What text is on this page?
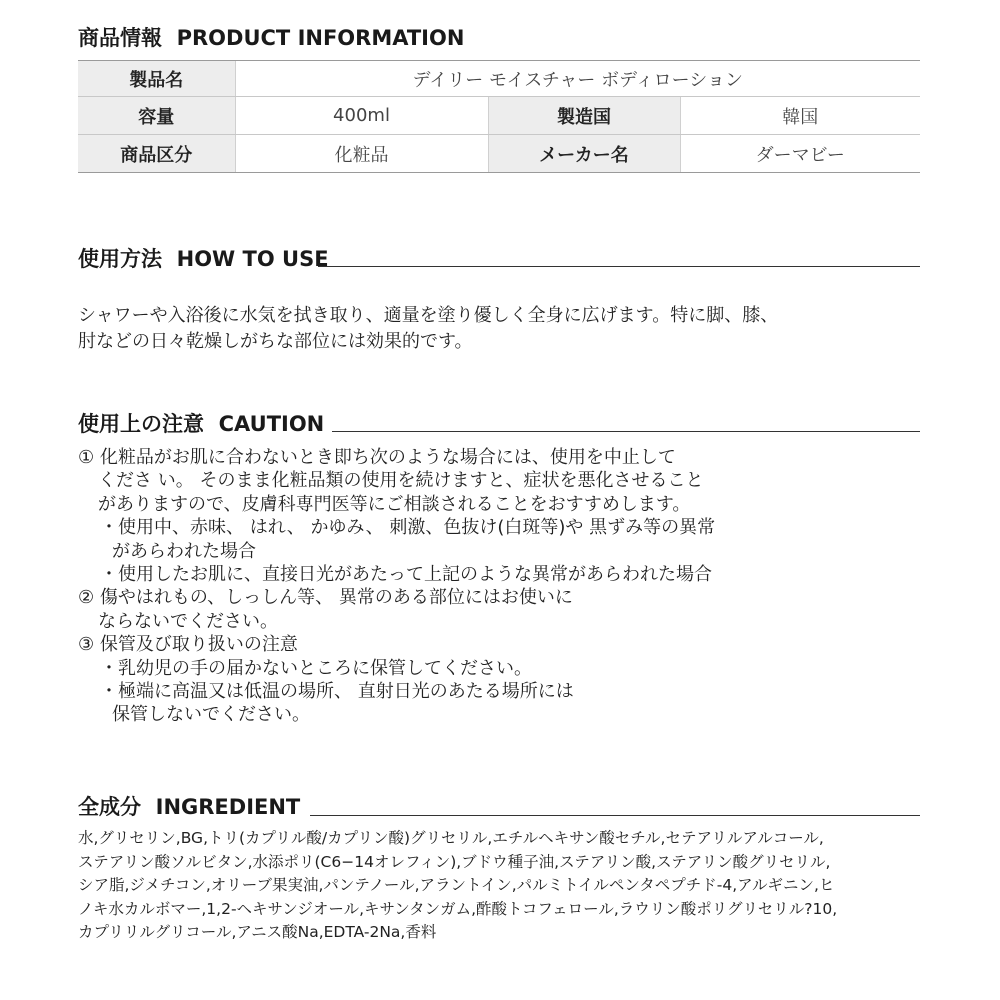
商品情報 PRODUCT INFORMATION
製品名	デイリー モイスチャー ボディローション		
容量	400ml	製造国	韓国
商品区分	化粧品	メーカー名	ダーマビー
使用方法 HOW TO USE
シャワーや入浴後に水気を拭き取り、適量を塗り優しく全身に広げます。特に脚、膝、
肘などの日々乾燥しがちな部位には効果的です。
使用上の注意 CAUTION
① 化粧品がお肌に合わないとき即ち次のような場合には、使用を中止して
くださ い。 そのまま化粧品類の使用を続けますと、症状を悪化させること
がありますので、皮膚科専門医等にご相談されることをおすすめします。
・使用中、赤味、 はれ、 かゆみ、 刺激、色抜け(白斑等)や 黒ずみ等の異常
があらわれた場合
・使用したお肌に、直接日光があたって上記のような異常があらわれた場合
② 傷やはれもの、しっしん等、 異常のある部位にはお使いに
ならないでください。
③ 保管及び取り扱いの注意
・乳幼児の手の届かないところに保管してください。
・極端に高温又は低温の場所、 直射日光のあたる場所には
保管しないでください。
全成分 INGREDIENT
水,グリセリン,BG,トリ(カプリル酸/カプリン酸)グリセリル,エチルヘキサン酸セチル,セテアリルアルコール,
ステアリン酸ソルビタン,水添ポリ(C6−14オレフィン),ブドウ種子油,ステアリン酸,ステアリン酸グリセリル,
シア脂,ジメチコン,オリーブ果実油,パンテノール,アラントイン,パルミトイルペンタペプチド-4,アルギニン,ヒ
ノキ水カルボマー,1,2-ヘキサンジオール,キサンタンガム,酢酸トコフェロール,ラウリン酸ポリグリセリル?10,
カプリリルグリコール,アニス酸Na,EDTA-2Na,香料
